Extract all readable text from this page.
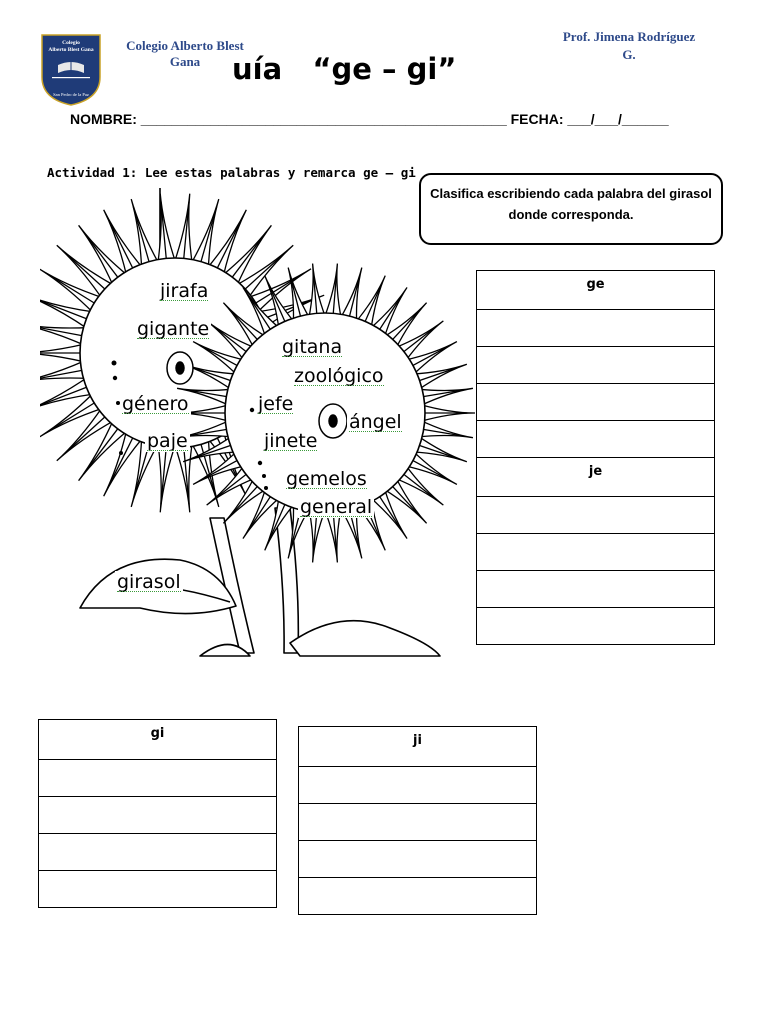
Colegio
Alberto Blest Gana
San Pedro de la Paz
Colegio Alberto Blest
Gana
Prof. Jimena Rodríguez
G.
uía   “ge – gi”
NOMBRE: _______________________________________________ FECHA: ___/___/______
Actividad 1: Lee estas palabras y remarca ge – gi
Clasifica escribiendo cada palabra del girasol
donde corresponda.
jirafa
gigante
género
paje
gitana
zoológico
jefe
ángel
jinete
gemelos
general
girasol
ge

je

gi	ji
